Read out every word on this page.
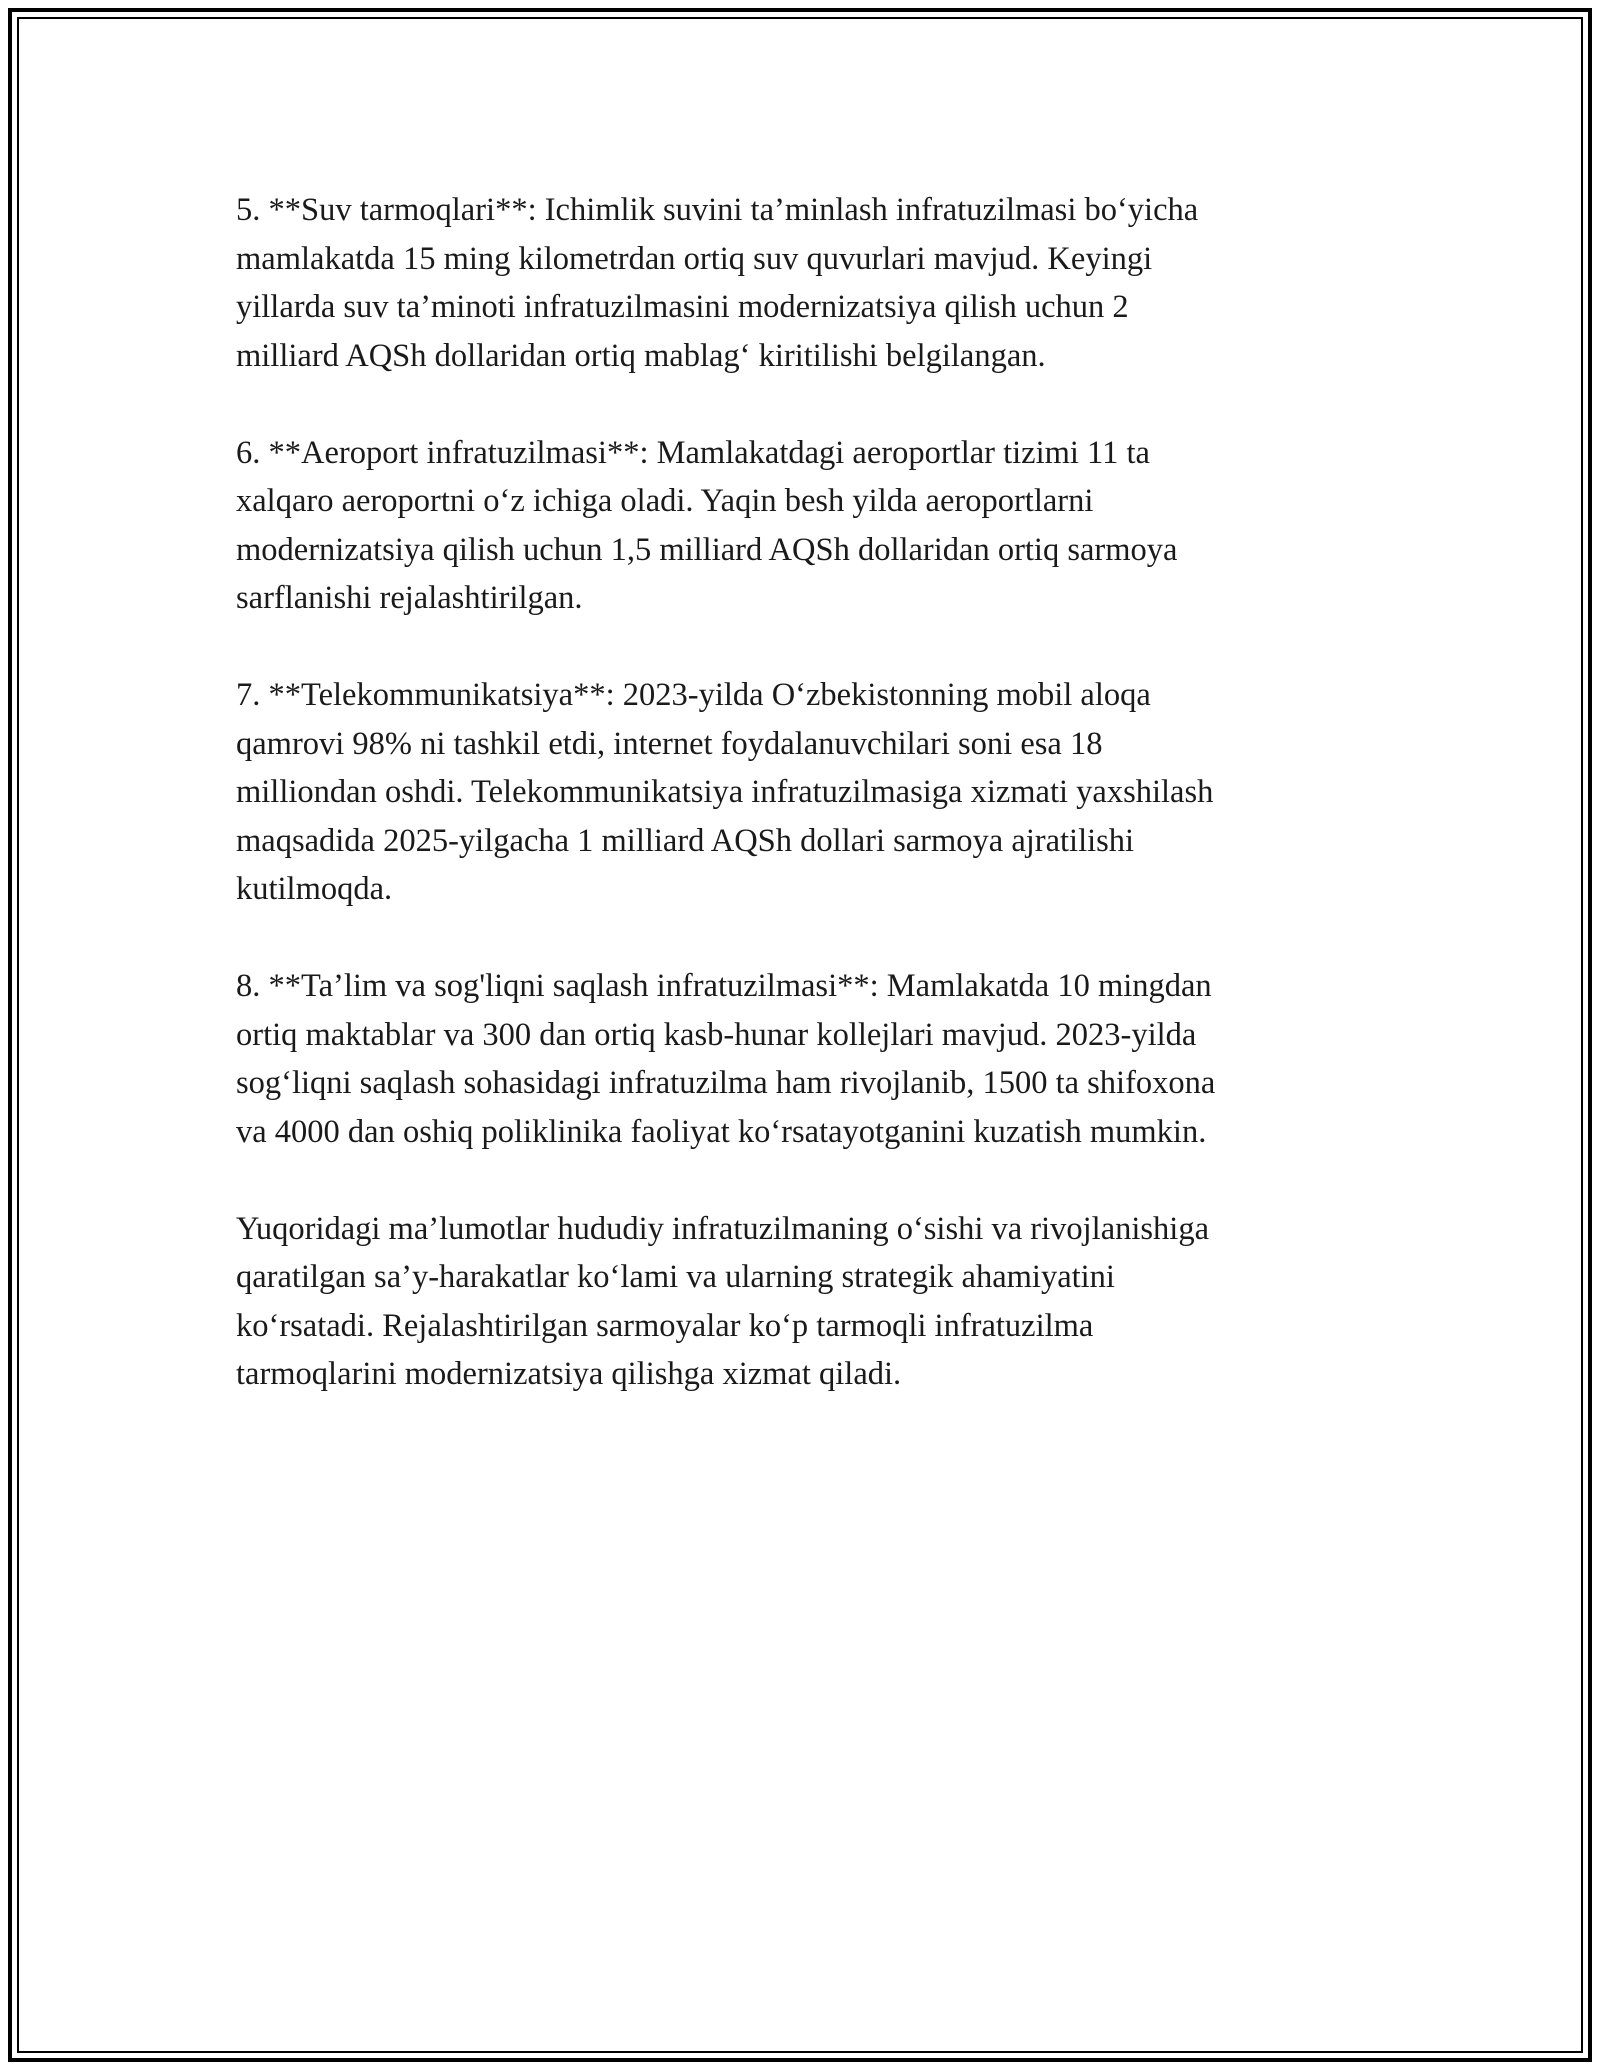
5. **Suv tarmoqlari**: Ichimlik suvini ta’minlash infratuzilmasi bo‘yicha
mamlakatda 15 ming kilometrdan ortiq suv quvurlari mavjud. Keyingi
yillarda suv ta’minoti infratuzilmasini modernizatsiya qilish uchun 2
milliard AQSh dollaridan ortiq mablag‘ kiritilishi belgilangan.

6. **Aeroport infratuzilmasi**: Mamlakatdagi aeroportlar tizimi 11 ta
xalqaro aeroportni o‘z ichiga oladi. Yaqin besh yilda aeroportlarni
modernizatsiya qilish uchun 1,5 milliard AQSh dollaridan ortiq sarmoya
sarflanishi rejalashtirilgan.

7. **Telekommunikatsiya**: 2023-yilda O‘zbekistonning mobil aloqa
qamrovi 98% ni tashkil etdi, internet foydalanuvchilari soni esa 18
milliondan oshdi. Telekommunikatsiya infratuzilmasiga xizmati yaxshilash
maqsadida 2025-yilgacha 1 milliard AQSh dollari sarmoya ajratilishi
kutilmoqda.

8. **Ta’lim va sog'liqni saqlash infratuzilmasi**: Mamlakatda 10 mingdan
ortiq maktablar va 300 dan ortiq kasb-hunar kollejlari mavjud. 2023-yilda
sog‘liqni saqlash sohasidagi infratuzilma ham rivojlanib, 1500 ta shifoxona
va 4000 dan oshiq poliklinika faoliyat ko‘rsatayotganini kuzatish mumkin.

Yuqoridagi ma’lumotlar hududiy infratuzilmaning o‘sishi va rivojlanishiga
qaratilgan sa’y-harakatlar ko‘lami va ularning strategik ahamiyatini
ko‘rsatadi. Rejalashtirilgan sarmoyalar ko‘p tarmoqli infratuzilma
tarmoqlarini modernizatsiya qilishga xizmat qiladi.
